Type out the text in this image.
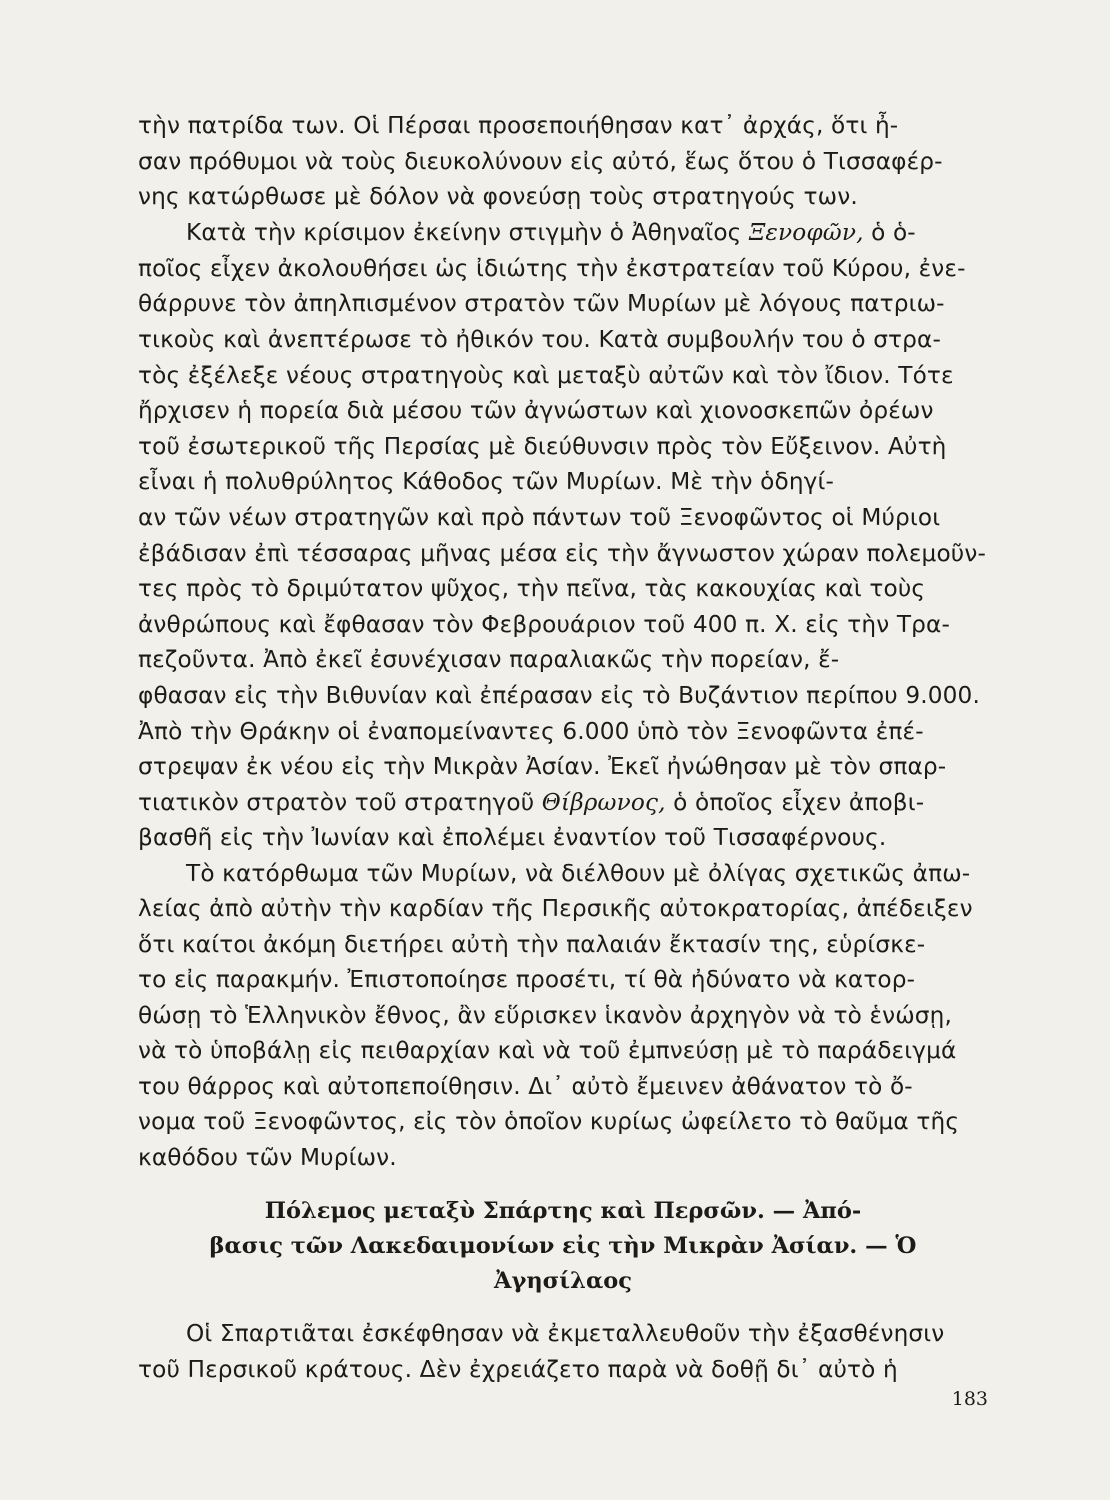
τὴν πατρίδα των. Οἱ Πέρσαι προσεποιήθησαν κατ᾿ ἀρχάς, ὅτι ἦ-
σαν πρόθυμοι νὰ τοὺς διευκολύνουν εἰς αὐτό, ἕως ὅτου ὁ Τισσαφέρ-
νης κατώρθωσε μὲ δόλον νὰ φονεύσῃ τοὺς στρατηγούς των.
Κατὰ τὴν κρίσιμον ἐκείνην στιγμὴν ὁ Ἀθηναῖος Ξενοφῶν, ὁ ὁ-
ποῖος εἶχεν ἀκολουθήσει ὡς ἰδιώτης τὴν ἐκστρατείαν τοῦ Κύρου, ἐνε-
θάρρυνε τὸν ἀπηλπισμένον στρατὸν τῶν Μυρίων μὲ λόγους πατριω-
τικοὺς καὶ ἀνεπτέρωσε τὸ ἠθικόν του. Κατὰ συμβουλήν του ὁ στρα-
τὸς ἐξέλεξε νέους στρατηγοὺς καὶ μεταξὺ αὐτῶν καὶ τὸν ἴδιον. Τότε
ἤρχισεν ἡ πορεία διὰ μέσου τῶν ἀγνώστων καὶ χιονοσκεπῶν ὀρέων
τοῦ ἐσωτερικοῦ τῆς Περσίας μὲ διεύθυνσιν πρὸς τὸν Εὔξεινον. Αὐτὴ
εἶναι ἡ πολυθρύλητος Κάθοδος τῶν Μυρίων. Μὲ τὴν ὁδηγί-
αν τῶν νέων στρατηγῶν καὶ πρὸ πάντων τοῦ Ξενοφῶντος οἱ Μύριοι
ἐβάδισαν ἐπὶ τέσσαρας μῆνας μέσα εἰς τὴν ἄγνωστον χώραν πολεμοῦν-
τες πρὸς τὸ δριμύτατον ψῦχος, τὴν πεῖνα, τὰς κακουχίας καὶ τοὺς
ἀνθρώπους καὶ ἔφθασαν τὸν Φεβρουάριον τοῦ 400 π. Χ. εἰς τὴν Τρα-
πεζοῦντα. Ἀπὸ ἐκεῖ ἐσυνέχισαν παραλιακῶς τὴν πορείαν, ἔ-
φθασαν εἰς τὴν Βιθυνίαν καὶ ἐπέρασαν εἰς τὸ Βυζάντιον περίπου 9.000.
Ἀπὸ τὴν Θράκην οἱ ἐναπομείναντες 6.000 ὑπὸ τὸν Ξενοφῶντα ἐπέ-
στρεψαν ἐκ νέου εἰς τὴν Μικρὰν Ἀσίαν. Ἐκεῖ ἠνώθησαν μὲ τὸν σπαρ-
τιατικὸν στρατὸν τοῦ στρατηγοῦ Θίβρωνος, ὁ ὁποῖος εἶχεν ἀποβι-
βασθῆ εἰς τὴν Ἰωνίαν καὶ ἐπολέμει ἐναντίον τοῦ Τισσαφέρνους.
Τὸ κατόρθωμα τῶν Μυρίων, νὰ διέλθουν μὲ ὀλίγας σχετικῶς ἀπω-
λείας ἀπὸ αὐτὴν τὴν καρδίαν τῆς Περσικῆς αὐτοκρατορίας, ἀπέδειξεν
ὅτι καίτοι ἀκόμη διετήρει αὐτὴ τὴν παλαιάν ἔκτασίν της, εὑρίσκε-
το εἰς παρακμήν. Ἐπιστοποίησε προσέτι, τί θὰ ἠδύνατο νὰ κατορ-
θώσῃ τὸ Ἑλληνικὸν ἔθνος, ἂν εὕρισκεν ἱκανὸν ἀρχηγὸν νὰ τὸ ἑνώσῃ,
νὰ τὸ ὑποβάλῃ εἰς πειθαρχίαν καὶ νὰ τοῦ ἐμπνεύσῃ μὲ τὸ παράδειγμά
του θάρρος καὶ αὐτοπεποίθησιν. Δι᾿ αὐτὸ ἔμεινεν ἀθάνατον τὸ ὄ-
νομα τοῦ Ξενοφῶντος, εἰς τὸν ὁποῖον κυρίως ὠφείλετο τὸ θαῦμα τῆς
καθόδου τῶν Μυρίων.
Πόλεμος μεταξὺ Σπάρτης καὶ Περσῶν. — Ἀπό-
βασις τῶν Λακεδαιμονίων εἰς τὴν Μικρὰν Ἀσίαν. — Ὁ
Ἀγησίλαος
Οἱ Σπαρτιᾶται ἐσκέφθησαν νὰ ἐκμεταλλευθοῦν τὴν ἐξασθένησιν
τοῦ Περσικοῦ κράτους. Δὲν ἐχρειάζετο παρὰ νὰ δοθῇ δι᾿ αὐτὸ ἡ
183
